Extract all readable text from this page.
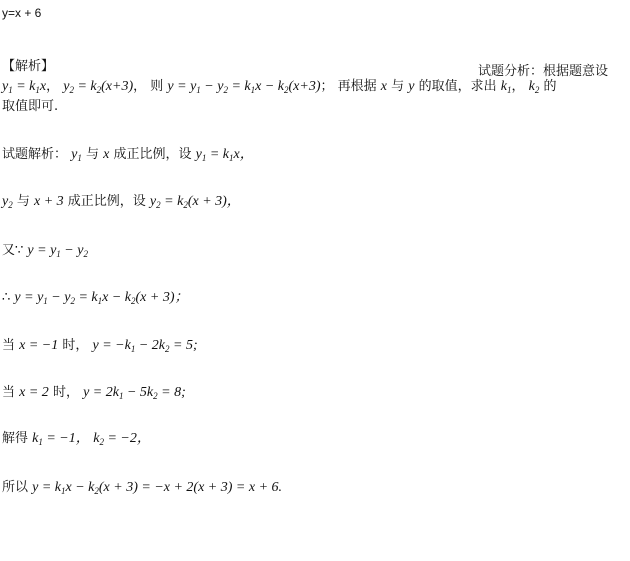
y=x + 6
【解析】	试题分析：根据题意设
$y_1 = k_1x$， $y_2 = k_2(x+3)$， 则 $y = y_1 - y_2 = k_1x - k_2(x+3)$； 再根据 x 与 y 的取值，求出 $k_1$， $k_2$ 的
取值即可.
试题解析： $y_1$ 与 x 成正比例，设 $y_1 = k_1x$，
$y_2$ 与 x + 3 成正比例，设 $y_2 = k_2(x + 3)$，
又∵ $y = y_1 - y_2$
∴ $y = y_1 - y_2 = k_1x - k_2(x + 3)$；
当 x = −1 时， $y = -k_1 - 2k_2 = 5$;
当 x = 2 时， $y = 2k_1 - 5k_2 = 8$;
解得 $k_1 = -1$， $k_2 = -2$，
所以 $y = k_1x - k_2(x + 3) = -x + 2(x + 3) = x + 6$.
